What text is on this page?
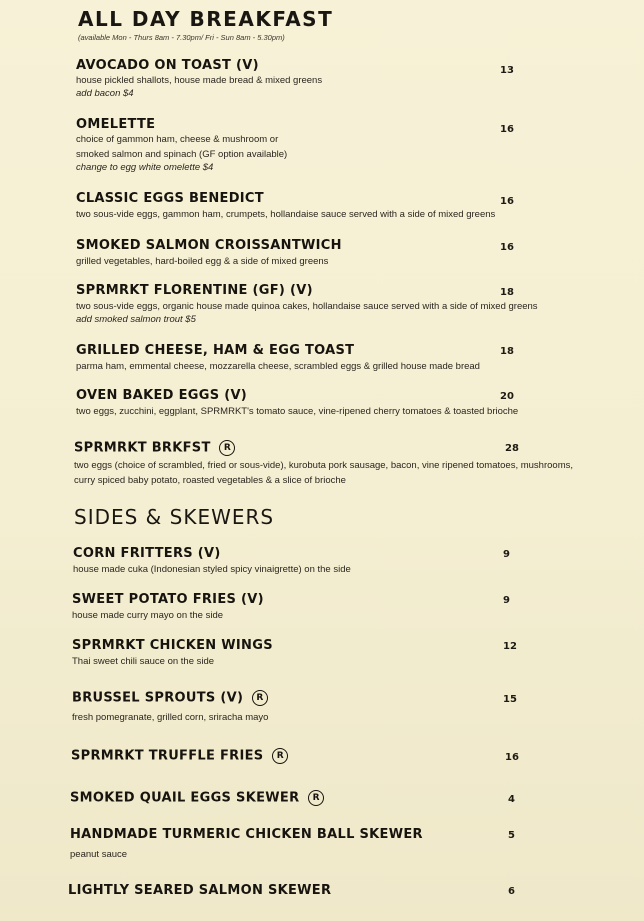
ALL DAY BREAKFAST

(available Mon - Thurs 8am - 7.30pm/ Fri - Sun 8am - 5.30pm)

AVOCADO ON TOAST (V)	13
house pickled shallots, house made bread & mixed greens
add bacon $4
OMELETTE	16
choice of gammon ham, cheese & mushroom or
smoked salmon and spinach (GF option available)
change to egg white omelette $4
CLASSIC EGGS BENEDICT	16
two sous-vide eggs, gammon ham, crumpets, hollandaise sauce served with a side of mixed greens
SMOKED SALMON CROISSANTWICH	16
grilled vegetables, hard-boiled egg & a side of mixed greens
SPRMRKT FLORENTINE (GF) (V)	18
two sous-vide eggs, organic house made quinoa cakes, hollandaise sauce served with a side of mixed greens
add smoked salmon trout $5
GRILLED CHEESE, HAM & EGG TOAST	18
parma ham, emmental cheese, mozzarella cheese, scrambled eggs & grilled house made bread
OVEN BAKED EGGS (V)	20
two eggs, zucchini, eggplant, SPRMRKT's tomato sauce, vine-ripened cherry tomatoes & toasted brioche
SPRMRKT BRKFST R	28
two eggs (choice of scrambled, fried or sous-vide), kurobuta pork sausage, bacon, vine ripened tomatoes, mushrooms,
curry spiced baby potato, roasted vegetables & a slice of brioche
SIDES & SKEWERS
CORN FRITTERS (V)	9
house made cuka (Indonesian styled spicy vinaigrette) on the side
SWEET POTATO FRIES (V)	9
house made curry mayo on the side
SPRMRKT CHICKEN WINGS	12
Thai sweet chili sauce on the side
BRUSSEL SPROUTS (V) R	15
fresh pomegranate, grilled corn, sriracha mayo
SPRMRKT TRUFFLE FRIES R	16
SMOKED QUAIL EGGS SKEWER R	4
HANDMADE TURMERIC CHICKEN BALL SKEWER	5
peanut sauce
LIGHTLY SEARED SALMON SKEWER	6
